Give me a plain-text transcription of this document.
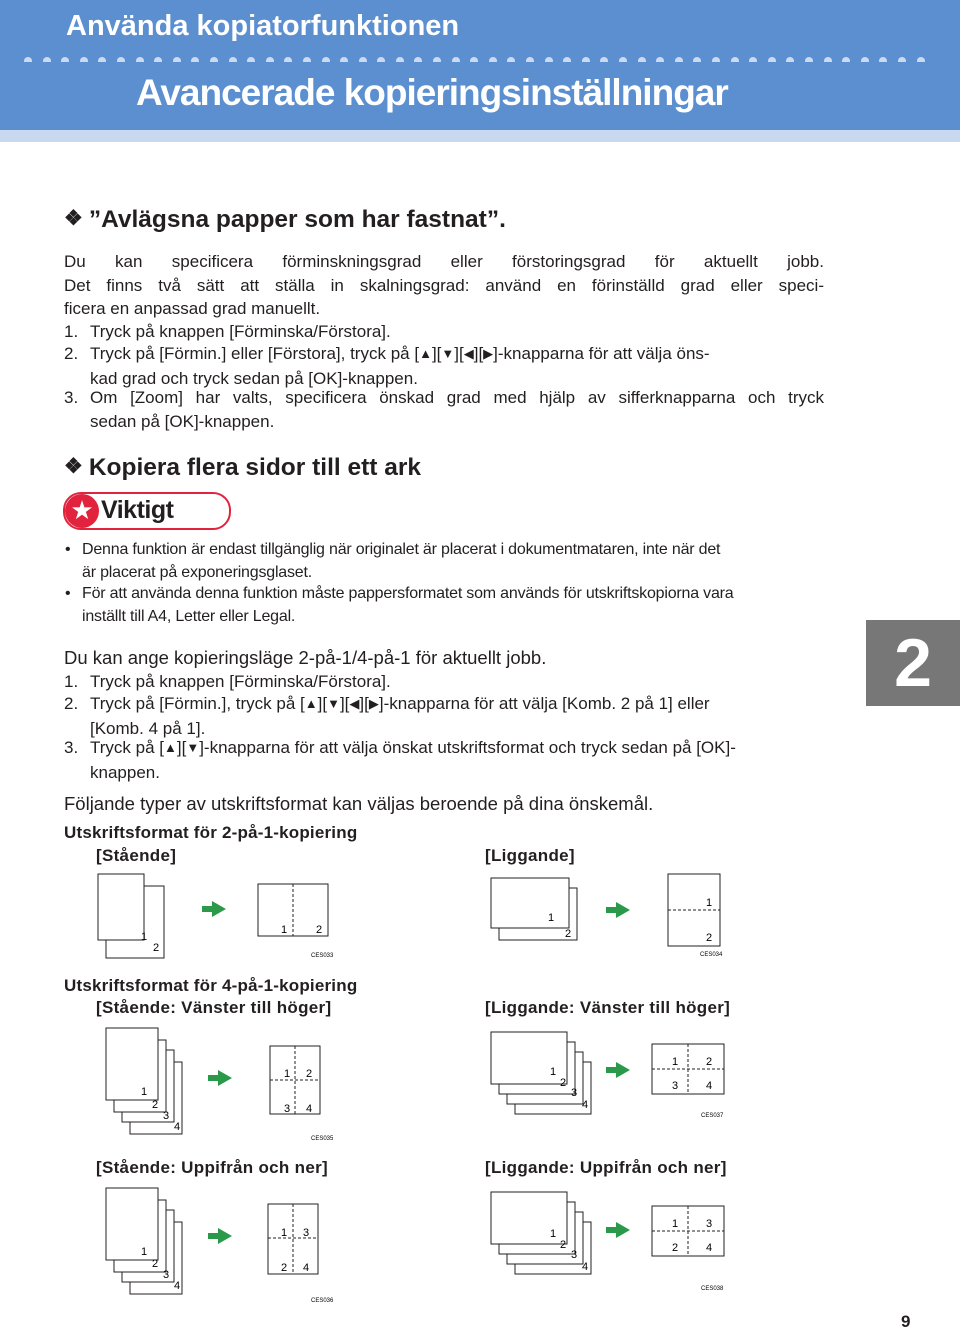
Använda kopiatorfunktionen
Avancerade kopieringsinställningar
❖ ”Avlägsna papper som har fastnat”.
Du kan specificera förminskningsgrad eller förstoringsgrad för aktuellt jobb.
Det finns två sätt att ställa in skalningsgrad: använd en förinställd grad eller speci-
ficera en anpassad grad manuellt.
1. Tryck på knappen [Förminska/Förstora].
2. Tryck på [Förmin.] eller [Förstora], tryck på [▲][▼][◀][▶]-knapparna för att välja öns-
kad grad och tryck sedan på [OK]-knappen.
3. Om [Zoom] har valts, specificera önskad grad med hjälp av sifferknapparna och tryck
sedan på [OK]-knappen.
❖ Kopiera flera sidor till ett ark
★ Viktigt
• Denna funktion är endast tillgänglig när originalet är placerat i dokumentmataren, inte när det
är placerat på exponeringsglaset.
• För att använda denna funktion måste pappersformatet som används för utskriftskopiorna vara
inställt till A4, Letter eller Legal.
Du kan ange kopieringsläge 2-på-1/4-på-1 för aktuellt jobb.
1. Tryck på knappen [Förminska/Förstora].
2. Tryck på [Förmin.], tryck på [▲][▼][◀][▶]-knapparna för att välja [Komb. 2 på 1] eller
[Komb. 4 på 1].
3. Tryck på [▲][▼]-knapparna för att välja önskat utskriftsformat och tryck sedan på [OK]-
knappen.
2
Följande typer av utskriftsformat kan väljas beroende på dina önskemål.
Utskriftsformat för 2-på-1-kopiering
[Stående]	[Liggande]
Utskriftsformat för 4-på-1-kopiering
[Stående: Vänster till höger]	[Liggande: Vänster till höger]
[Stående: Uppifrån och ner]	[Liggande: Uppifrån och ner]
1
2
1	2
CES033
1
2
1
2
CES034
1
2
3
4
1 2
3 4
CES035
1
2
3
4
1	2
3	4
CES037
1
2
3
4
1 3
2 4
CES036
1
2
3
4
1	3
2	4
CES038
9
